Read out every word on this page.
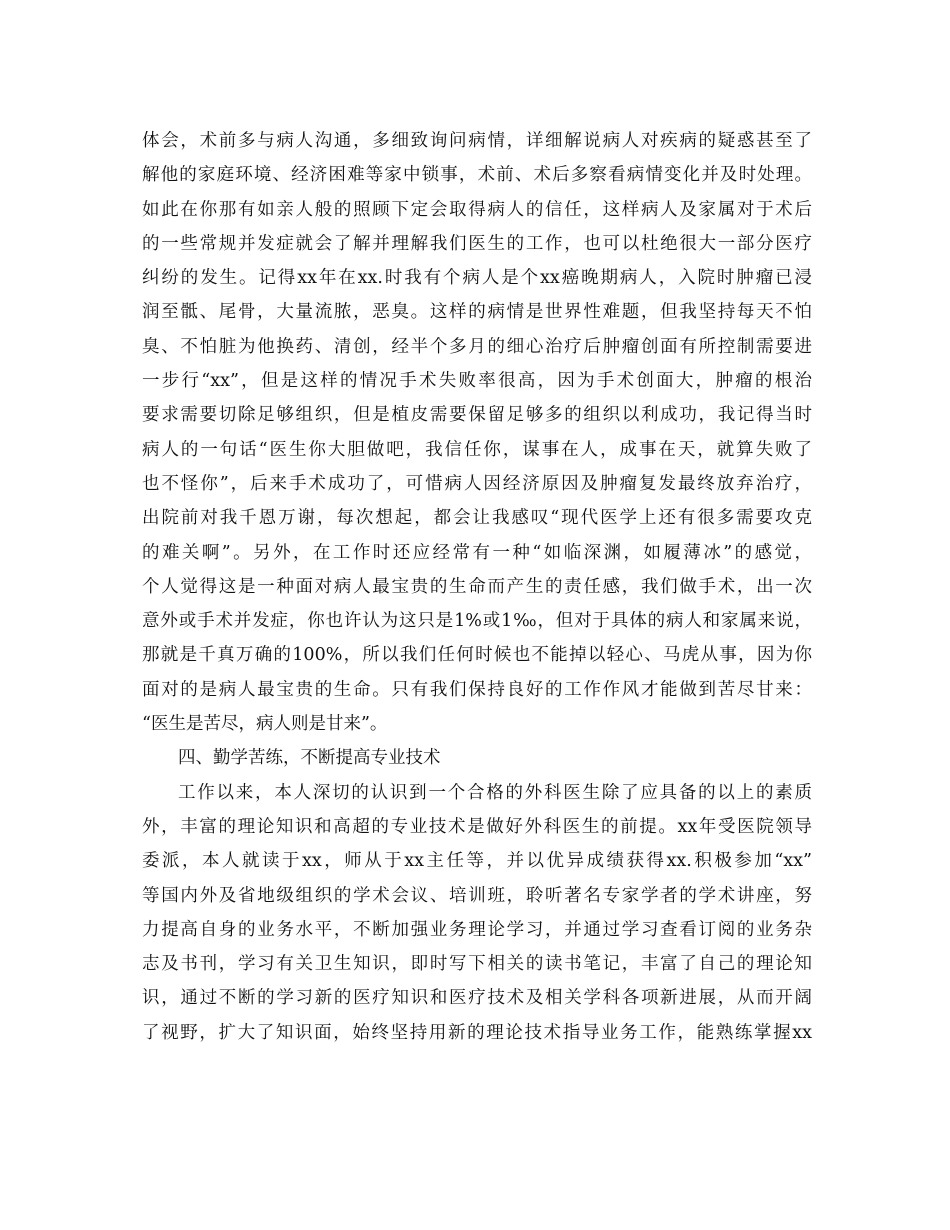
体会，术前多与病人沟通，多细致询问病情，详细解说病人对疾病的疑惑甚至了
解他的家庭环境、经济困难等家中锁事，术前、术后多察看病情变化并及时处理。
如此在你那有如亲人般的照顾下定会取得病人的信任，这样病人及家属对于术后
的一些常规并发症就会了解并理解我们医生的工作，也可以杜绝很大一部分医疗
纠纷的发生。记得xx年在xx.时我有个病人是个xx癌晚期病人，入院时肿瘤已浸
润至骶、尾骨，大量流脓，恶臭。这样的病情是世界性难题，但我坚持每天不怕
臭、不怕脏为他换药、清创，经半个多月的细心治疗后肿瘤创面有所控制需要进
一步行“xx”，但是这样的情况手术失败率很高，因为手术创面大，肿瘤的根治
要求需要切除足够组织，但是植皮需要保留足够多的组织以利成功，我记得当时
病人的一句话“医生你大胆做吧，我信任你，谋事在人，成事在天，就算失败了
也不怪你”，后来手术成功了，可惜病人因经济原因及肿瘤复发最终放弃治疗，
出院前对我千恩万谢，每次想起，都会让我感叹“现代医学上还有很多需要攻克
的难关啊”。另外，在工作时还应经常有一种“如临深渊，如履薄冰”的感觉，
个人觉得这是一种面对病人最宝贵的生命而产生的责任感，我们做手术，出一次
意外或手术并发症，你也许认为这只是1%或1‰，但对于具体的病人和家属来说，
那就是千真万确的100%，所以我们任何时候也不能掉以轻心、马虎从事，因为你
面对的是病人最宝贵的生命。只有我们保持良好的工作作风才能做到苦尽甘来：
“医生是苦尽，病人则是甘来”。
四、勤学苦练，不断提高专业技术
工作以来，本人深切的认识到一个合格的外科医生除了应具备的以上的素质
外，丰富的理论知识和高超的专业技术是做好外科医生的前提。xx年受医院领导
委派，本人就读于xx，师从于xx主任等，并以优异成绩获得xx.积极参加“xx”
等国内外及省地级组织的学术会议、培训班，聆听著名专家学者的学术讲座，努
力提高自身的业务水平，不断加强业务理论学习，并通过学习查看订阅的业务杂
志及书刊，学习有关卫生知识，即时写下相关的读书笔记，丰富了自己的理论知
识，通过不断的学习新的医疗知识和医疗技术及相关学科各项新进展，从而开阔
了视野，扩大了知识面，始终坚持用新的理论技术指导业务工作，能熟练掌握xx
